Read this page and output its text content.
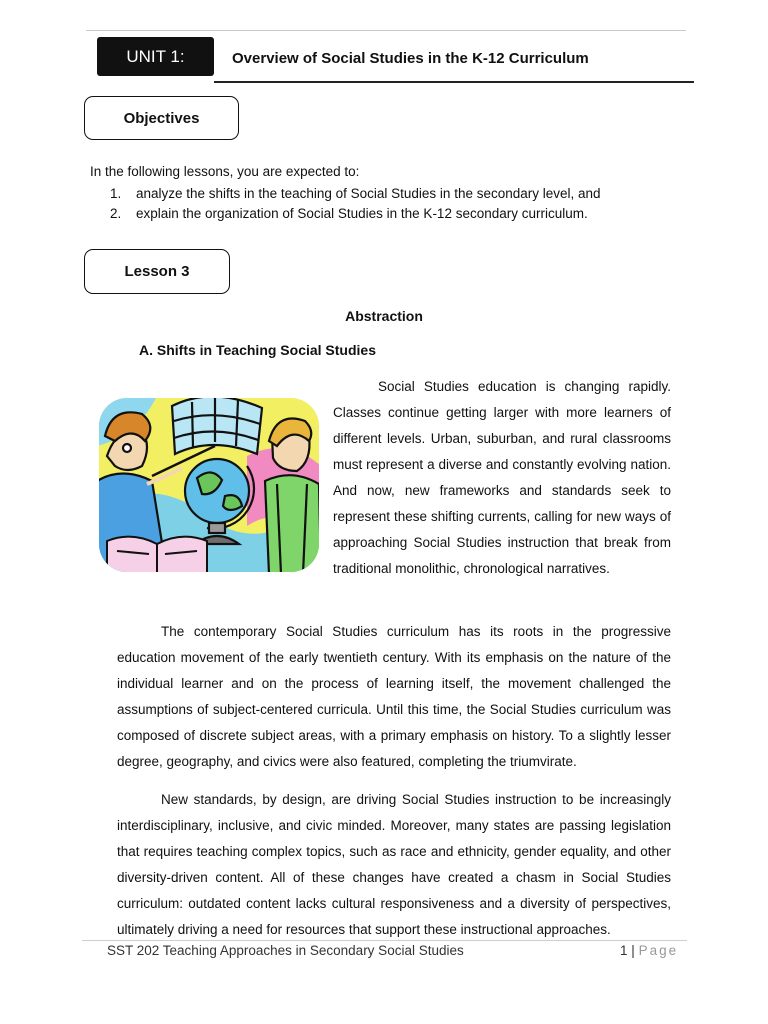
UNIT 1:	Overview of Social Studies in the K-12 Curriculum
Objectives
In the following lessons, you are expected to:
1.	analyze the shifts in the teaching of Social Studies in the secondary level, and
2.	explain the organization of Social Studies in the K-12 secondary curriculum.
Lesson 3
Abstraction
A. Shifts in Teaching Social Studies

Social Studies education is changing rapidly. Classes continue getting larger with more learners of different levels. Urban, suburban, and rural classrooms must represent a diverse and constantly evolving nation. And now, new frameworks and standards seek to represent these shifting currents, calling for new ways of approaching Social Studies instruction that break from traditional monolithic, chronological narratives.

The contemporary Social Studies curriculum has its roots in the progressive education movement of the early twentieth century. With its emphasis on the nature of the individual learner and on the process of learning itself, the movement challenged the assumptions of subject-centered curricula. Until this time, the Social Studies curriculum was composed of discrete subject areas, with a primary emphasis on history. To a slightly lesser degree, geography, and civics were also featured, completing the triumvirate.

New standards, by design, are driving Social Studies instruction to be increasingly interdisciplinary, inclusive, and civic minded. Moreover, many states are passing legislation that requires teaching complex topics, such as race and ethnicity, gender equality, and other diversity-driven content. All of these changes have created a chasm in Social Studies curriculum: outdated content lacks cultural responsiveness and a diversity of perspectives, ultimately driving a need for resources that support these instructional approaches.

SST 202 Teaching Approaches in Secondary Social Studies	1 | Page
